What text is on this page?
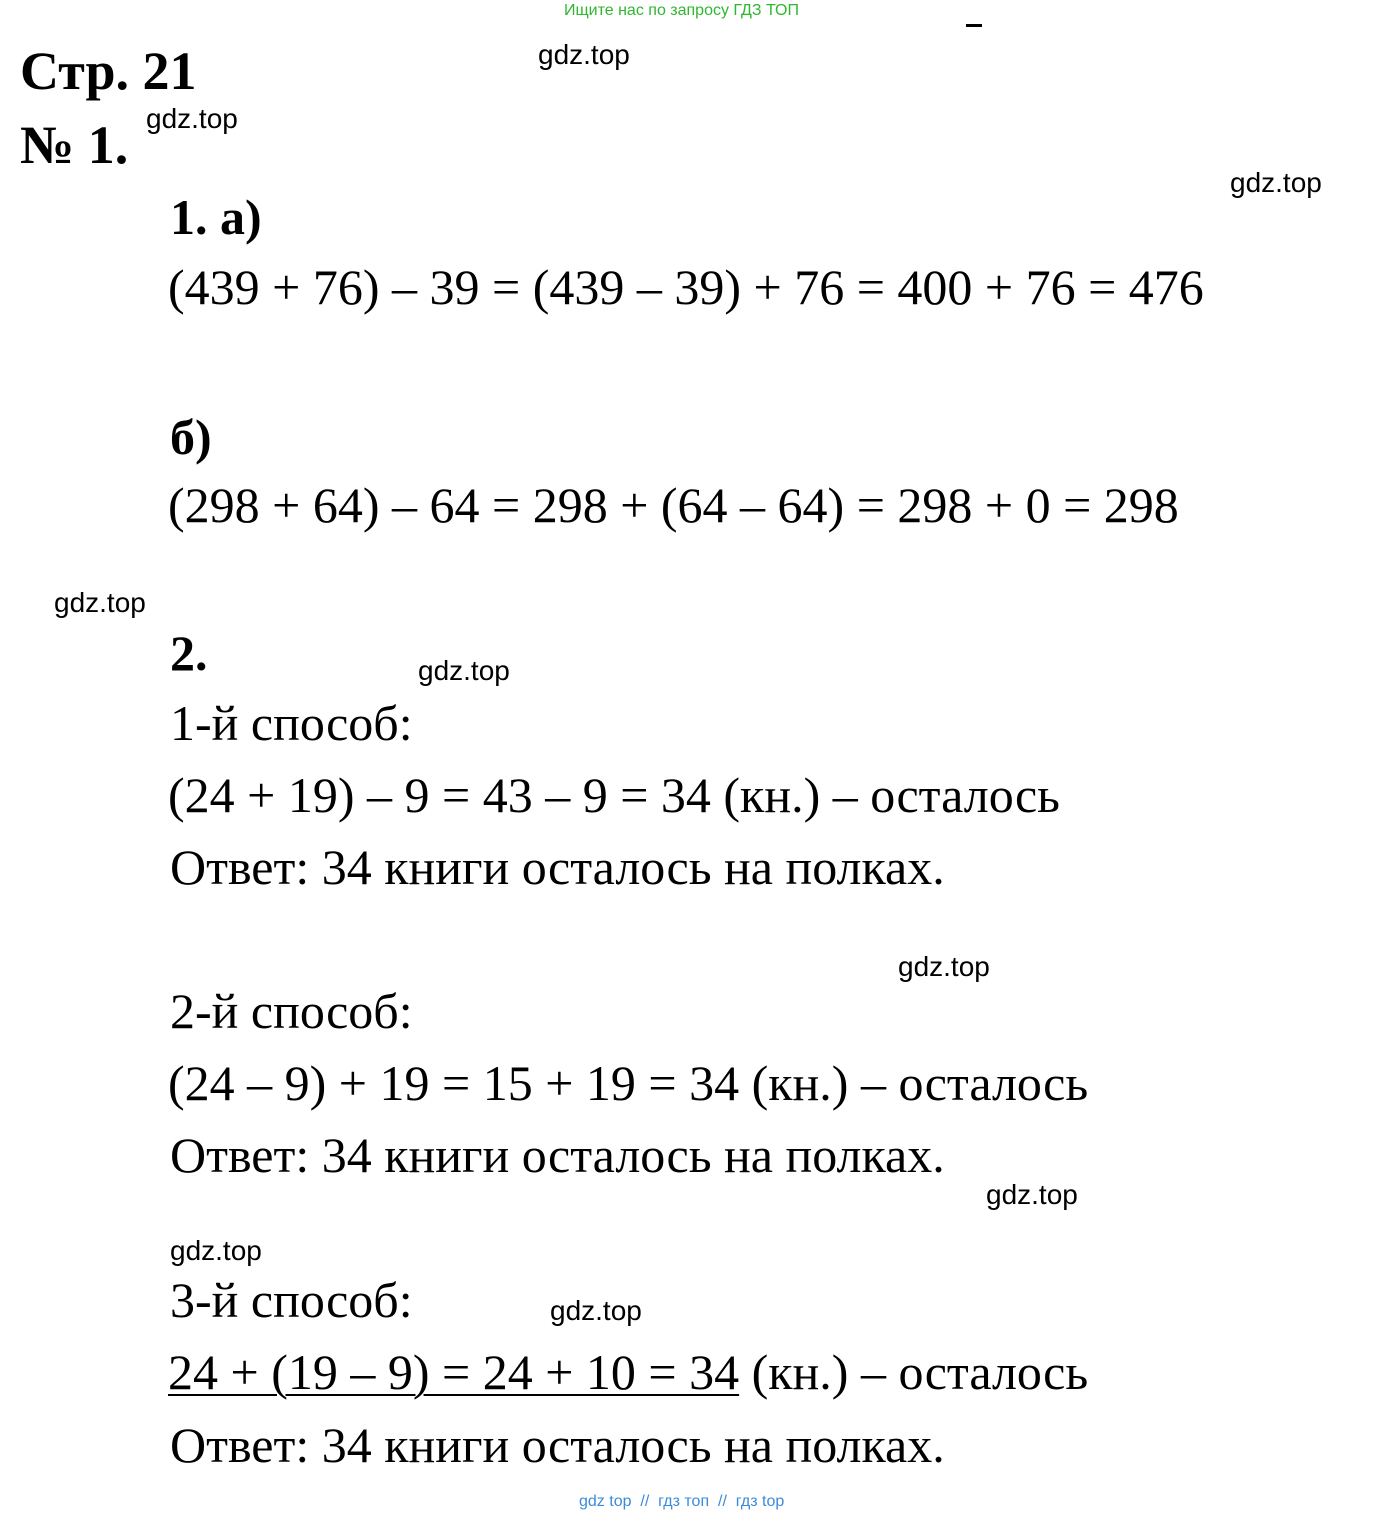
Ищите нас по запросу ГДЗ ТОП
Стр. 21
№ 1.
gdz.top
gdz.top
gdz.top
gdz.top
gdz.top
gdz.top
gdz.top
gdz.top
gdz.top
1. а)
(439 + 76) – 39 = (439 – 39) + 76 = 400 + 76 = 476
б)
(298 + 64) – 64 = 298 + (64 – 64) = 298 + 0 = 298
2.
1-й способ:
(24 + 19) – 9 = 43 – 9 = 34 (кн.) – осталось
Ответ: 34 книги осталось на полках.
2-й способ:
(24 – 9) + 19 = 15 + 19 = 34 (кн.) – осталось
Ответ: 34 книги осталось на полках.
3-й способ:
24 + (19 – 9) = 24 + 10 = 34 (кн.) – осталось
Ответ: 34 книги осталось на полках.
gdz top  //  гдз топ  //  гдз top
